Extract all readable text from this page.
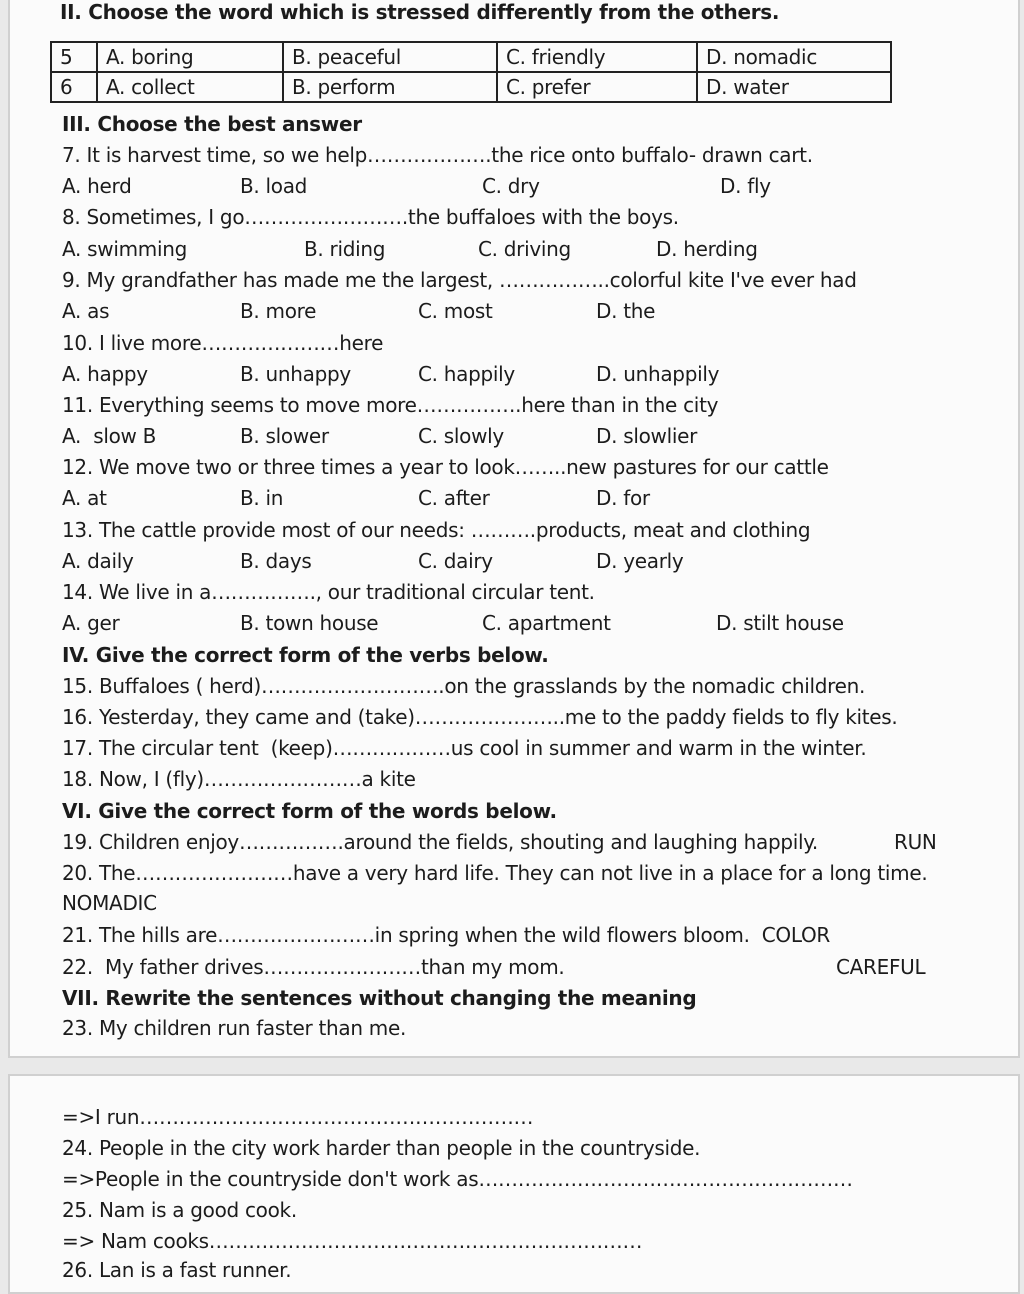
II. Choose the word which is stressed differently from the others.
5	A. boring	B. peaceful	C. friendly	D. nomadic
6	A. collect	B. perform	C. prefer	D. water
III. Choose the best answer
7. It is harvest time, so we help……………….the rice onto buffalo- drawn cart.
A. herd	B. load	C. dry	D. fly
8. Sometimes, I go…………………….the buffaloes with the boys.
A. swimming	B. riding	C. driving	D. herding
9. My grandfather has made me the largest, ……………..colorful kite I've ever had
A. as	B. more	C. most	D. the
10. I live more…………………here
A. happy	B. unhappy	C. happily	D. unhappily
11. Everything seems to move more…………….here than in the city
A.  slow B	B. slower	C. slowly	D. slowlier
12. We move two or three times a year to look……..new pastures for our cattle
A. at	B. in	C. after	D. for
13. The cattle provide most of our needs: ……….products, meat and clothing
A. daily	B. days	C. dairy	D. yearly
14. We live in a……………., our traditional circular tent.
A. ger	B. town house	C. apartment	D. stilt house
IV. Give the correct form of the verbs below.
15. Buffaloes ( herd)……………………….on the grasslands by the nomadic children.
16. Yesterday, they came and (take)…………………..me to the paddy fields to fly kites.
17. The circular tent  (keep)………………us cool in summer and warm in the winter.
18. Now, I (fly)……………………a kite
VI. Give the correct form of the words below.
19. Children enjoy…………….around the fields, shouting and laughing happily.	RUN
20. The……………………have a very hard life. They can not live in a place for a long time.
NOMADIC
21. The hills are……………………in spring when the wild flowers bloom.  COLOR
22.  My father drives……………………than my mom.	CAREFUL
VII. Rewrite the sentences without changing the meaning
23. My children run faster than me.
=>I run……………………………………………………
24. People in the city work harder than people in the countryside.
=>People in the countryside don't work as…………………………………………………
25. Nam is a good cook.
=> Nam cooks…………………………………………………………
26. Lan is a fast runner.
